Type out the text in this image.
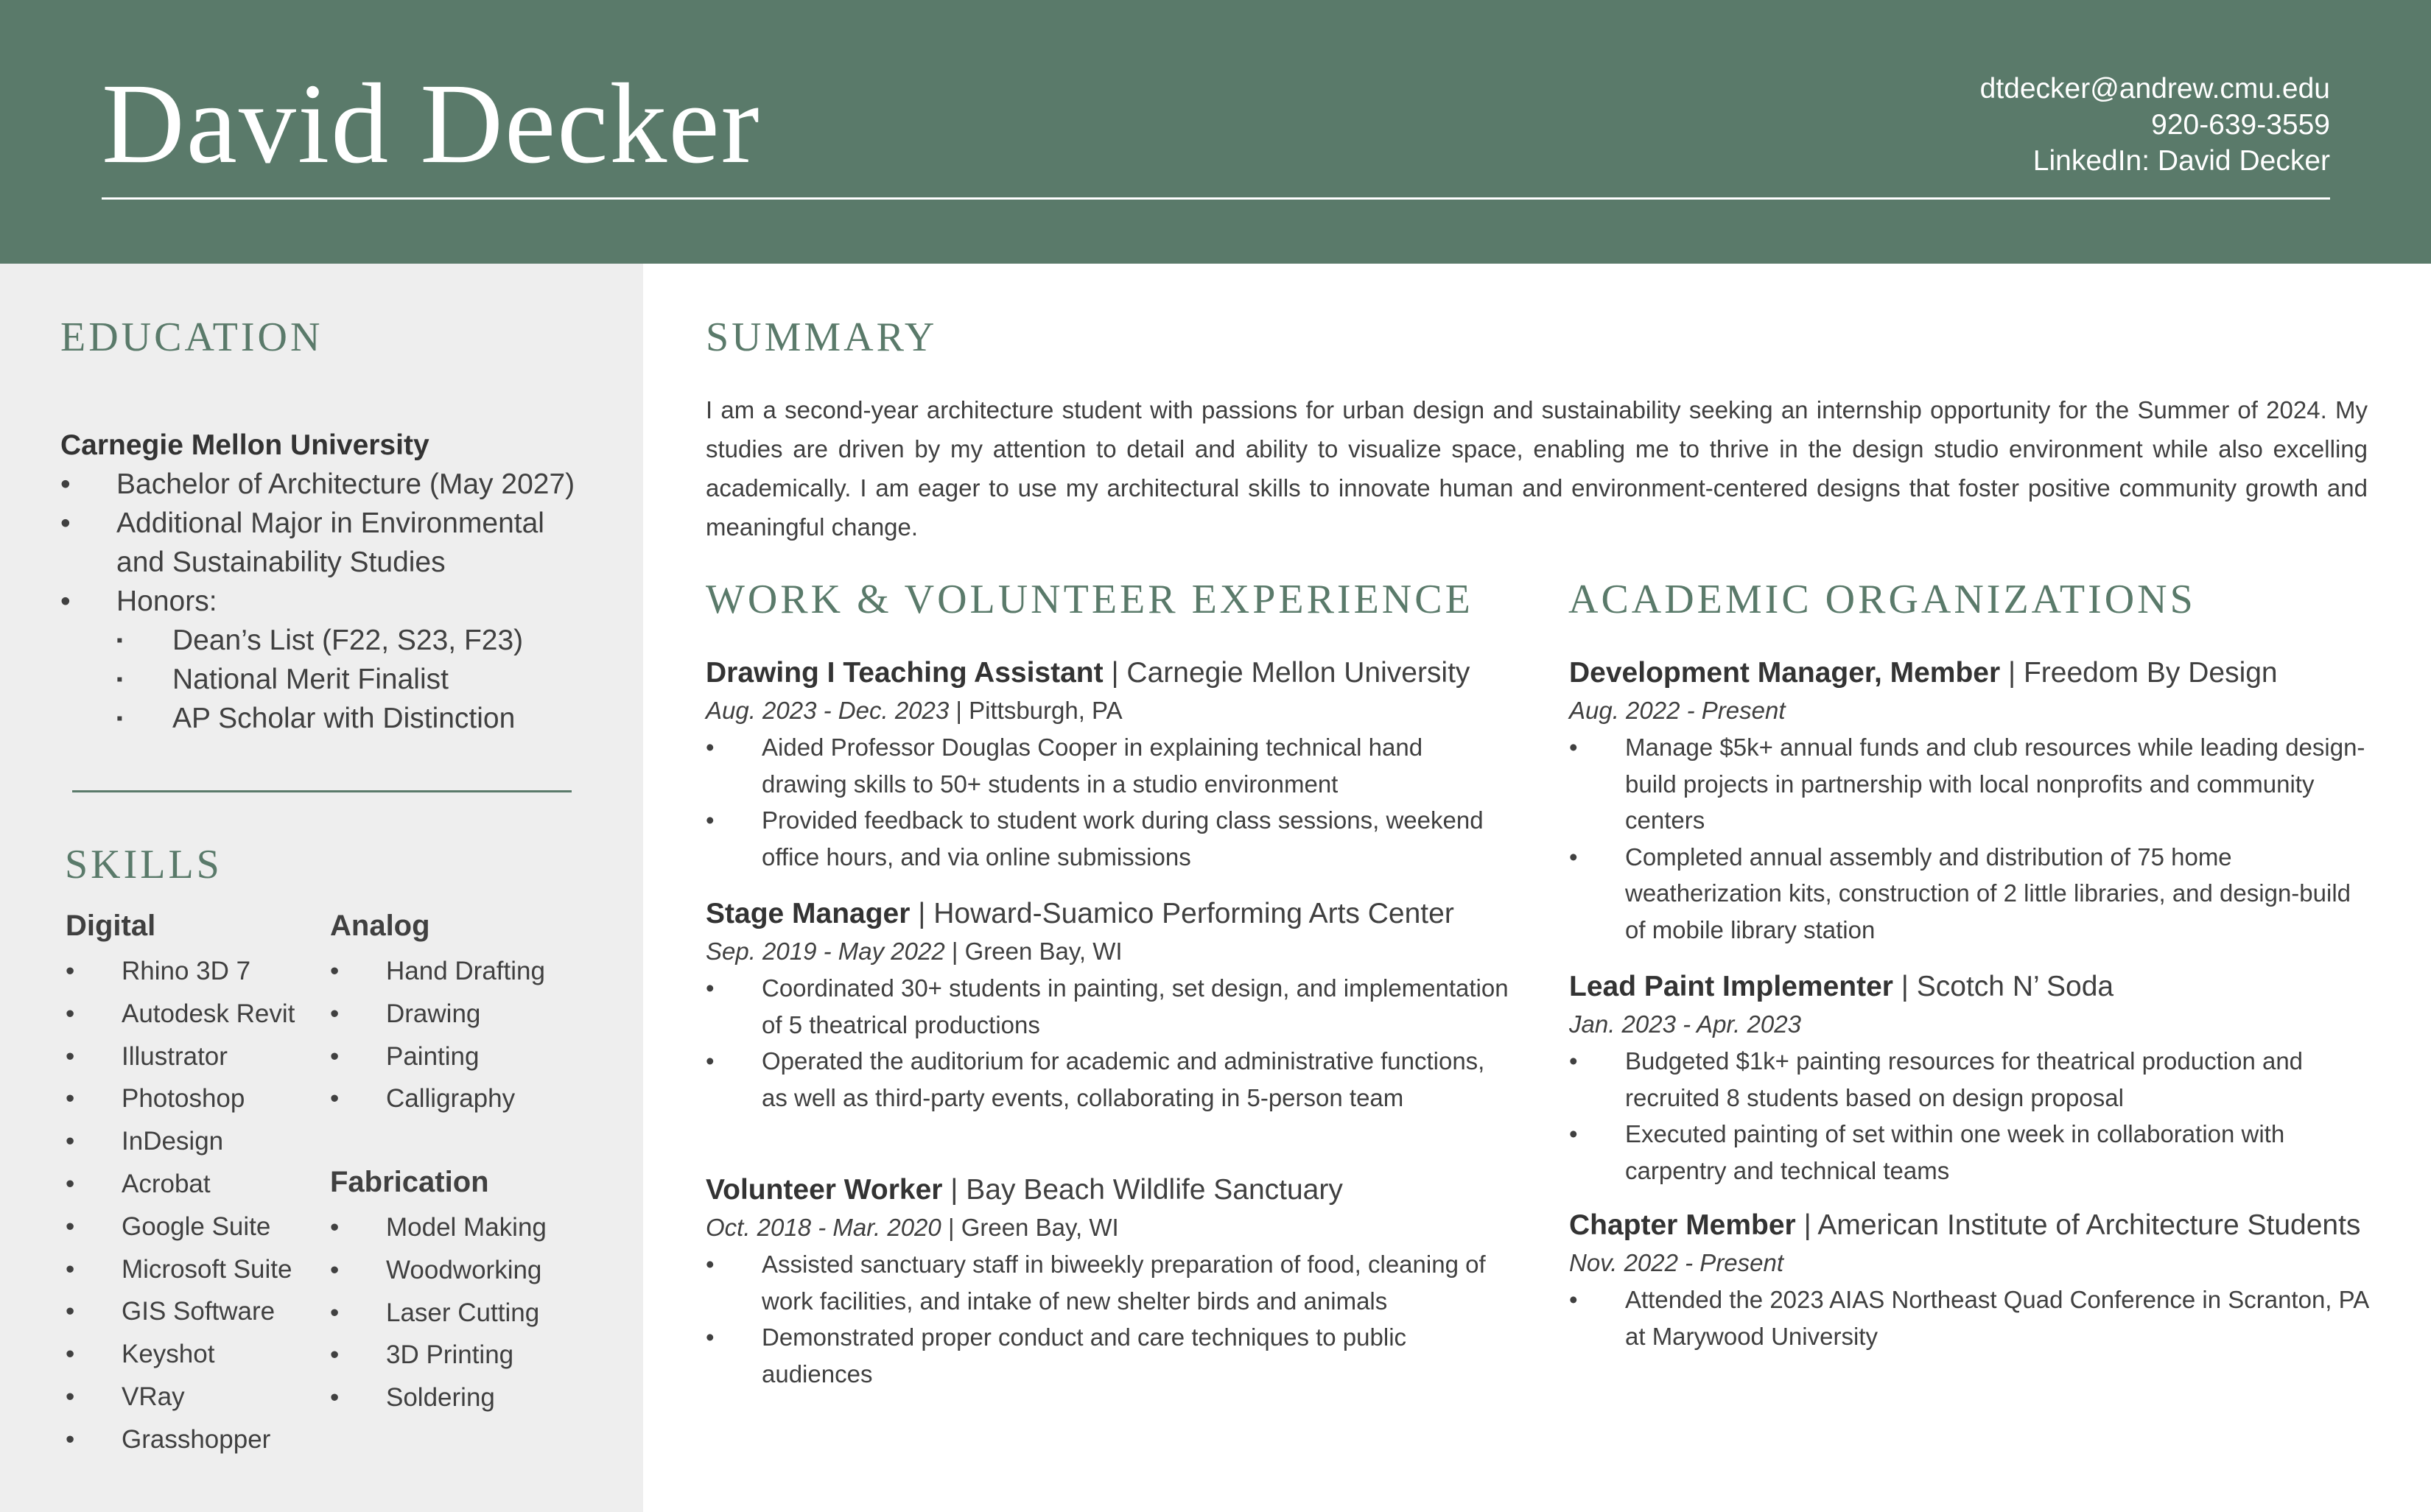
David Decker	dtdecker@andrew.cmu.edu
920-639-3559
LinkedIn: David Decker
EDUCATION
Carnegie Mellon University
• Bachelor of Architecture (May 2027)
• Additional Major in Environmental and Sustainability Studies
• Honors:
▪ Dean’s List (F22, S23, F23)
▪ National Merit Finalist
▪ AP Scholar with Distinction
SKILLS
Digital
• Rhino 3D 7
• Autodesk Revit
• Illustrator
• Photoshop
• InDesign
• Acrobat
• Google Suite
• Microsoft Suite
• GIS Software
• Keyshot
• VRay
• Grasshopper
Analog
• Hand Drafting
• Drawing
• Painting
• Calligraphy
Fabrication
• Model Making
• Woodworking
• Laser Cutting
• 3D Printing
• Soldering
SUMMARY

I am a second-year architecture student with passions for urban design and sustainability seeking an internship opportunity for the Summer of 2024. My studies are driven by my attention to detail and ability to visualize space, enabling me to thrive in the design studio environment while also excelling academically. I am eager to use my architectural skills to innovate human and environment-centered designs that foster positive community growth and meaningful change.

WORK & VOLUNTEER EXPERIENCE
Drawing I Teaching Assistant | Carnegie Mellon University
Aug. 2023 - Dec. 2023 | Pittsburgh, PA
• Aided Professor Douglas Cooper in explaining technical hand drawing skills to 50+ students in a studio environment
• Provided feedback to student work during class sessions, weekend office hours, and via online submissions
Stage Manager | Howard-Suamico Performing Arts Center
Sep. 2019 - May 2022 | Green Bay, WI
• Coordinated 30+ students in painting, set design, and implementation of 5 theatrical productions
• Operated the auditorium for academic and administrative functions, as well as third-party events, collaborating in 5-person team
Volunteer Worker | Bay Beach Wildlife Sanctuary
Oct. 2018 - Mar. 2020 | Green Bay, WI
• Assisted sanctuary staff in biweekly preparation of food, cleaning of work facilities, and intake of new shelter birds and animals
• Demonstrated proper conduct and care techniques to public audiences
ACADEMIC ORGANIZATIONS
Development Manager, Member | Freedom By Design
Aug. 2022 - Present
• Manage $5k+ annual funds and club resources while leading design-build projects in partnership with local nonprofits and community centers
• Completed annual assembly and distribution of 75 home weatherization kits, construction of 2 little libraries, and design-build of mobile library station
Lead Paint Implementer | Scotch N’ Soda
Jan. 2023 - Apr. 2023
• Budgeted $1k+ painting resources for theatrical production and recruited 8 students based on design proposal
• Executed painting of set within one week in collaboration with carpentry and technical teams
Chapter Member | American Institute of Architecture Students
Nov. 2022 - Present
• Attended the 2023 AIAS Northeast Quad Conference in Scranton, PA at Marywood University
